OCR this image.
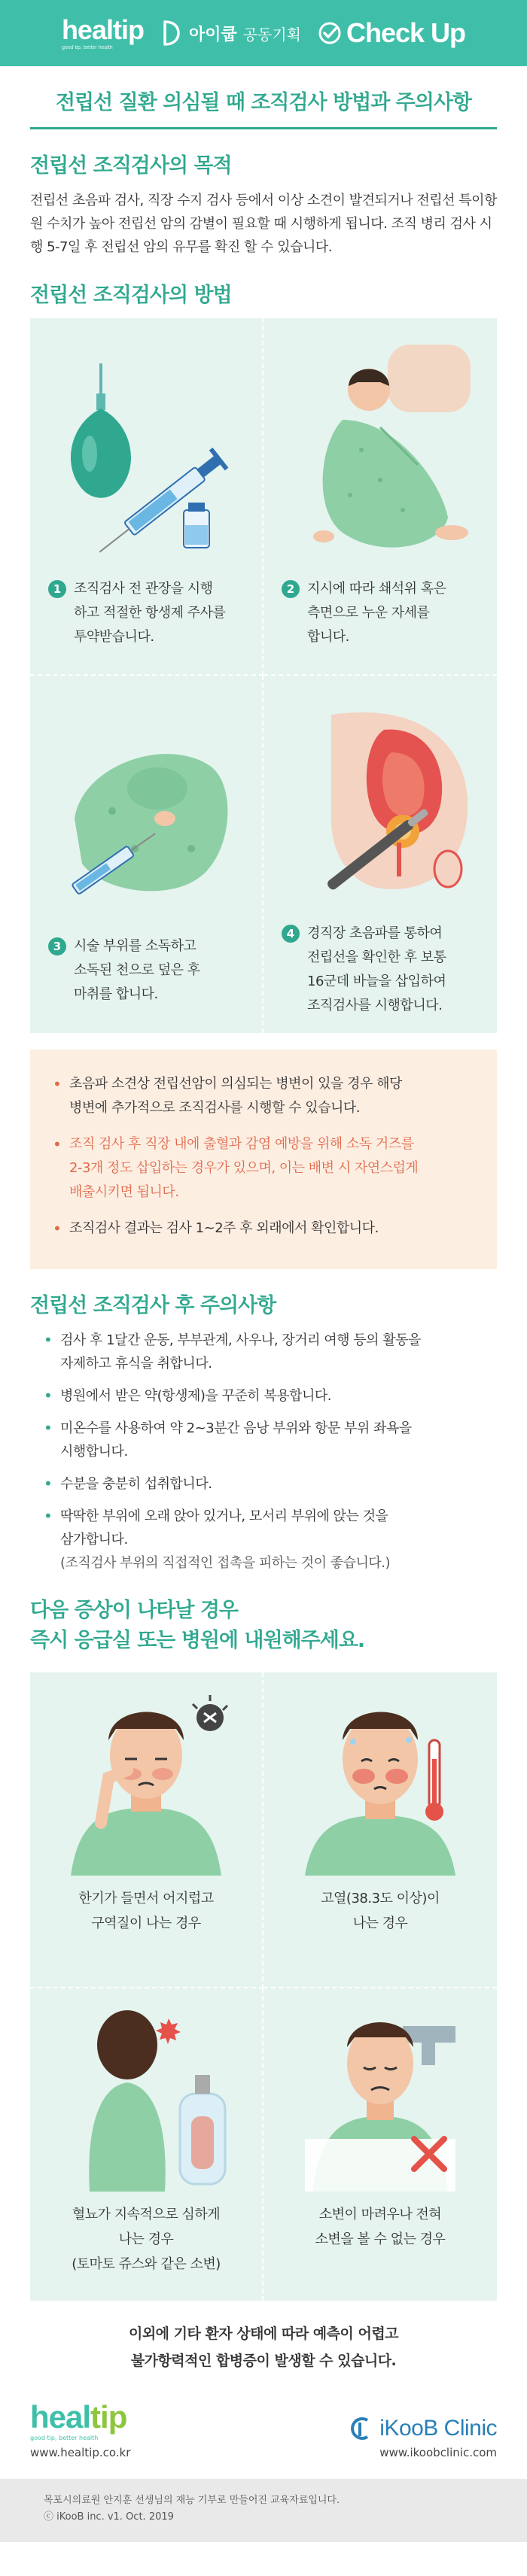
healtip
good tip, better health
아이쿱 공동기획 Check Up
전립선 질환 의심될 때 조직검사 방법과 주의사항
전립선 조직검사의 목적

전립선 초음파 검사, 직장 수지 검사 등에서 이상 소견이 발견되거나 전립선 특이항원 수치가 높아 전립선 암의 감별이 필요할 때 시행하게 됩니다. 조직 병리 검사 시행 5-7일 후 전립선 암의 유무를 확진 할 수 있습니다.

전립선 조직검사의 방법
1 조직검사 전 관장을 시행
하고 적절한 항생제 주사를
투약받습니다.
2 지시에 따라 쇄석위 혹은
측면으로 누운 자세를
합니다.
3 시술 부위를 소독하고
소독된 천으로 덮은 후
마취를 합니다.
4 경직장 초음파를 통하여
전립선을 확인한 후 보통
16군데 바늘을 삽입하여
조직검사를 시행합니다.
• 초음파 소견상 전립선암이 의심되는 병변이 있을 경우 해당
병변에 추가적으로 조직검사를 시행할 수 있습니다.
• 조직 검사 후 직장 내에 출혈과 감염 예방을 위해 소독 거즈를
2-3개 정도 삽입하는 경우가 있으며, 이는 배변 시 자연스럽게
배출시키면 됩니다.
• 조직검사 결과는 검사 1~2주 후 외래에서 확인합니다.
전립선 조직검사 후 주의사항
• 검사 후 1달간 운동, 부부관계, 사우나, 장거리 여행 등의 활동을
자제하고 휴식을 취합니다.
• 병원에서 받은 약(항생제)을 꾸준히 복용합니다.
• 미온수를 사용하여 약 2~3분간 음낭 부위와 항문 부위 좌욕을
시행합니다.
• 수분을 충분히 섭취합니다.
• 딱딱한 부위에 오래 앉아 있거나, 모서리 부위에 앉는 것을
삼가합니다.
(조직검사 부위의 직접적인 접촉을 피하는 것이 좋습니다.)
다음 증상이 나타날 경우
즉시 응급실 또는 병원에 내원해주세요.
한기가 들면서 어지럽고
구역질이 나는 경우
고열(38.3도 이상)이
나는 경우
혈뇨가 지속적으로 심하게
나는 경우
(토마토 쥬스와 같은 소변)
소변이 마려우나 전혀
소변을 볼 수 없는 경우
이외에 기타 환자 상태에 따라 예측이 어렵고
불가항력적인 합병증이 발생할 수 있습니다.
healtip
good tip, better health
www.healtip.co.kr
iKooB Clinic
www.ikoobclinic.com
목포시의료원 안지훈 선생님의 재능 기부로 만들어진 교육자료입니다.
ⓒ iKooB inc. v1. Oct. 2019
